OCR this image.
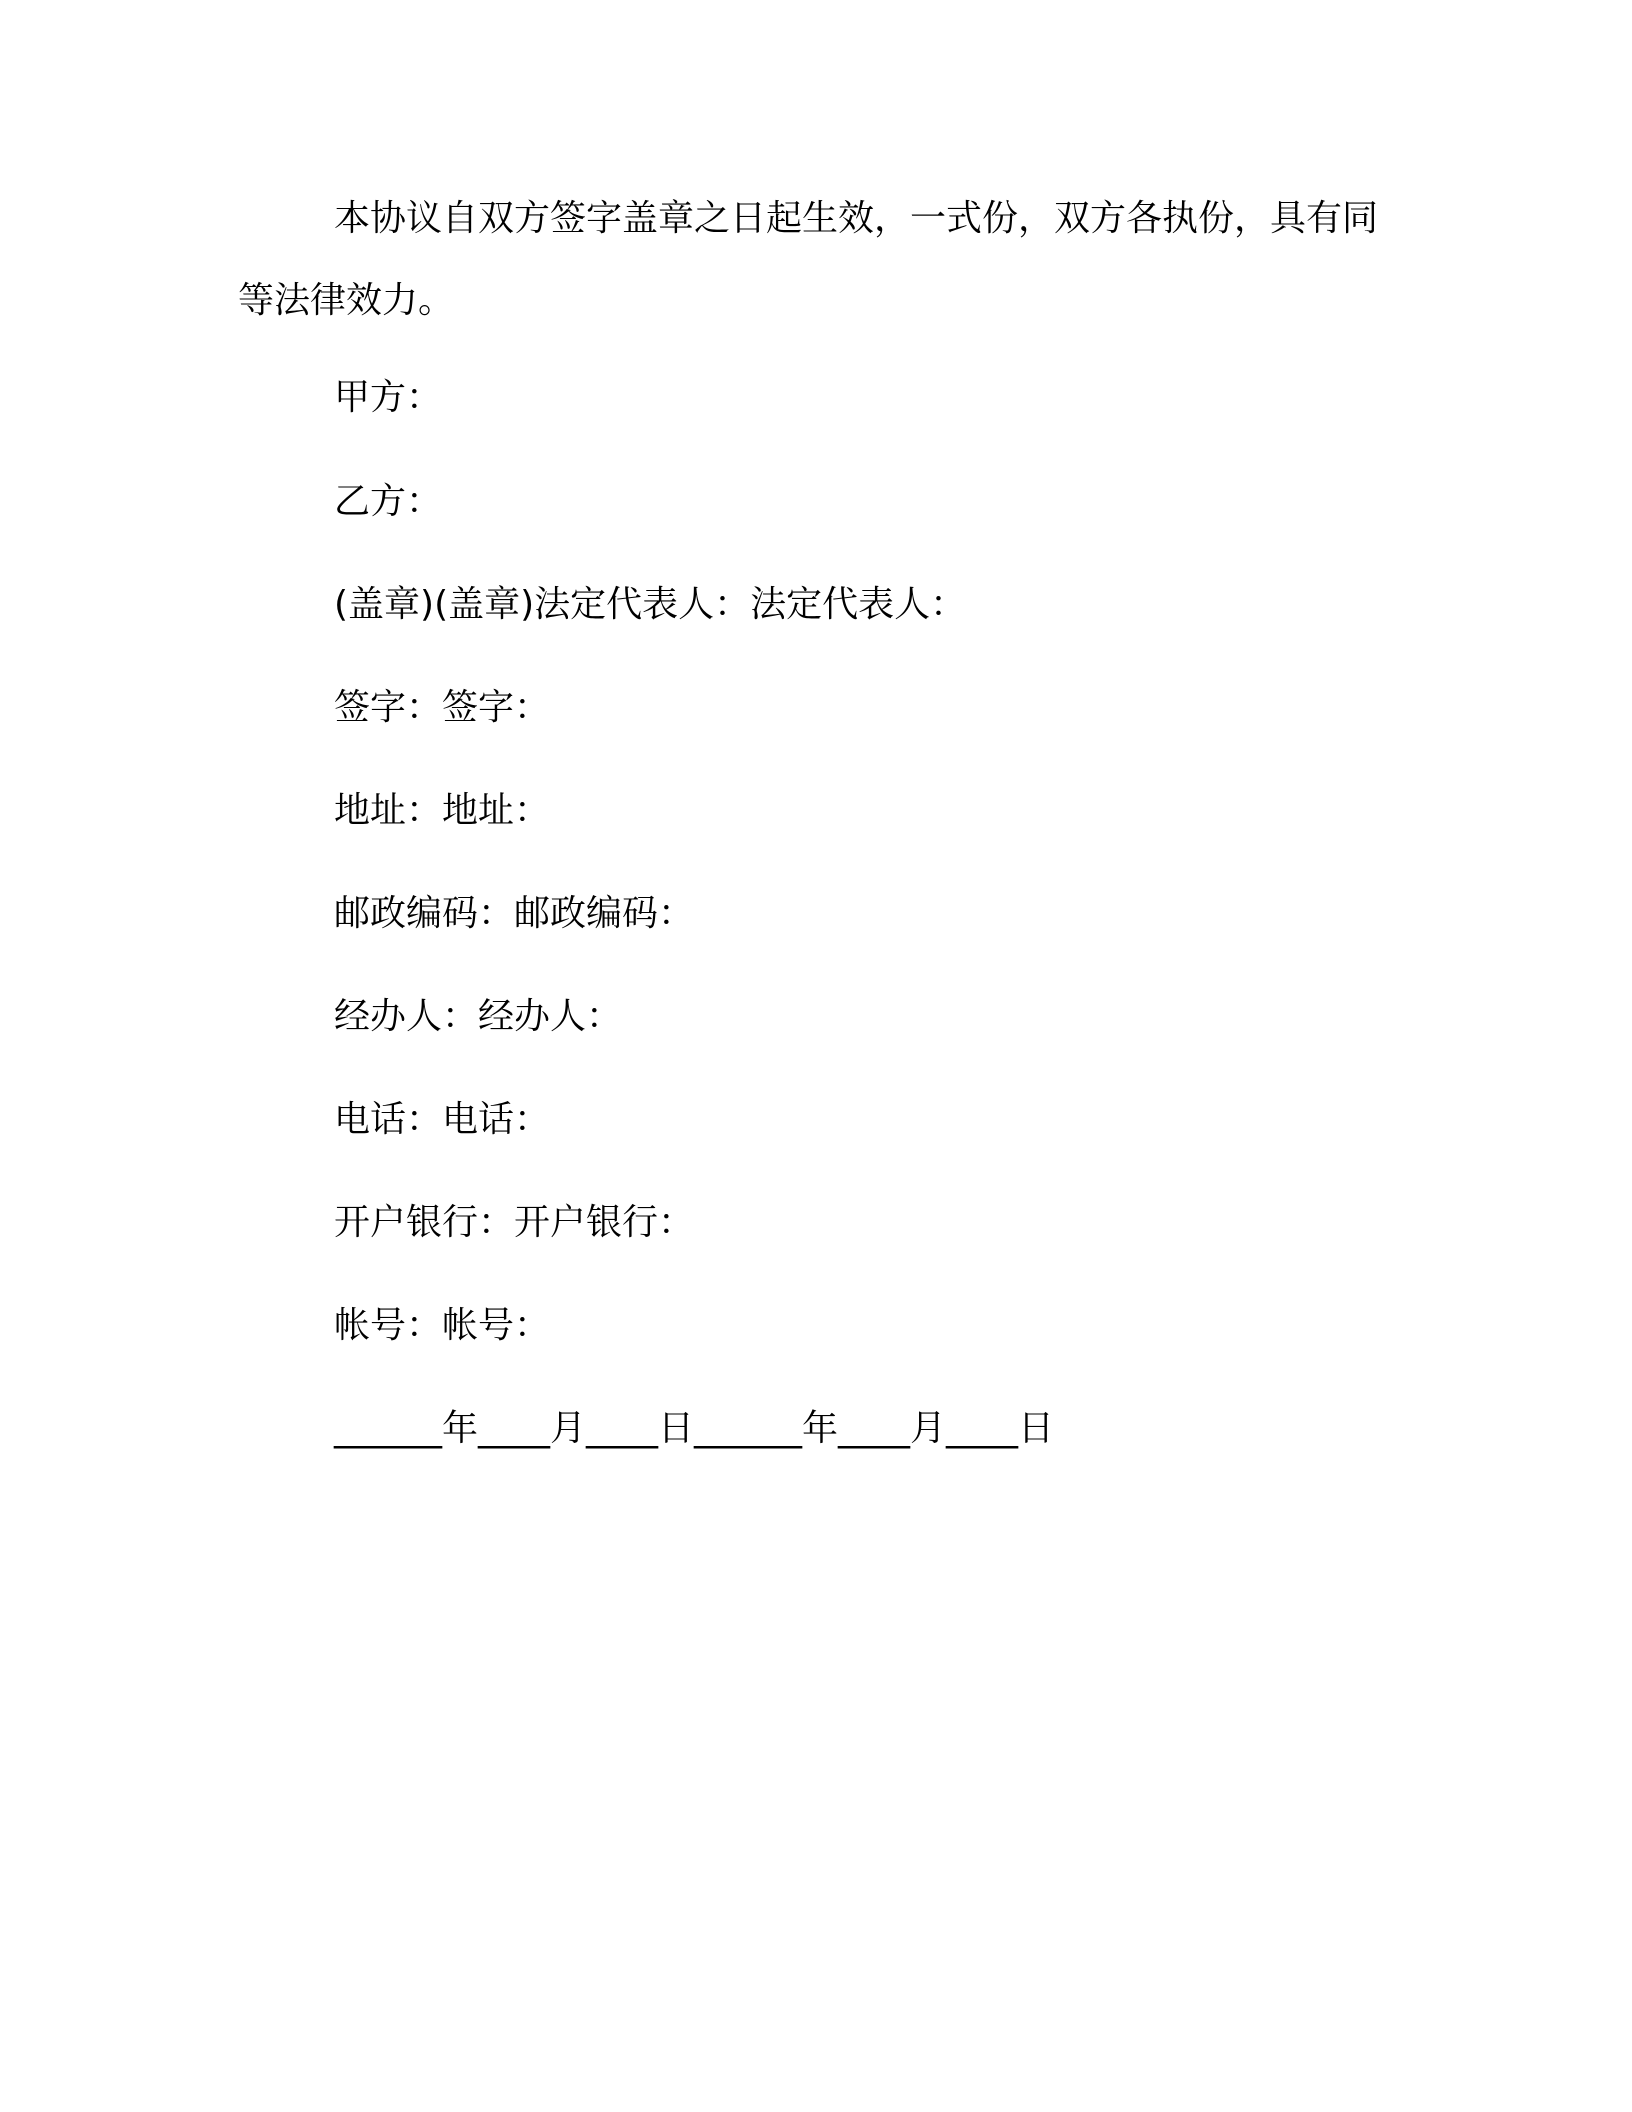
本协议自双方签字盖章之日起生效，一式份，双方各执份，具有同等法律效力。
甲方：
乙方：
(盖章)(盖章)法定代表人：法定代表人：
签字：签字：
地址：地址：
邮政编码：邮政编码：
经办人：经办人：
电话：电话：
开户银行：开户银行：
帐号：帐号：
______年____月____日______年____月____日
